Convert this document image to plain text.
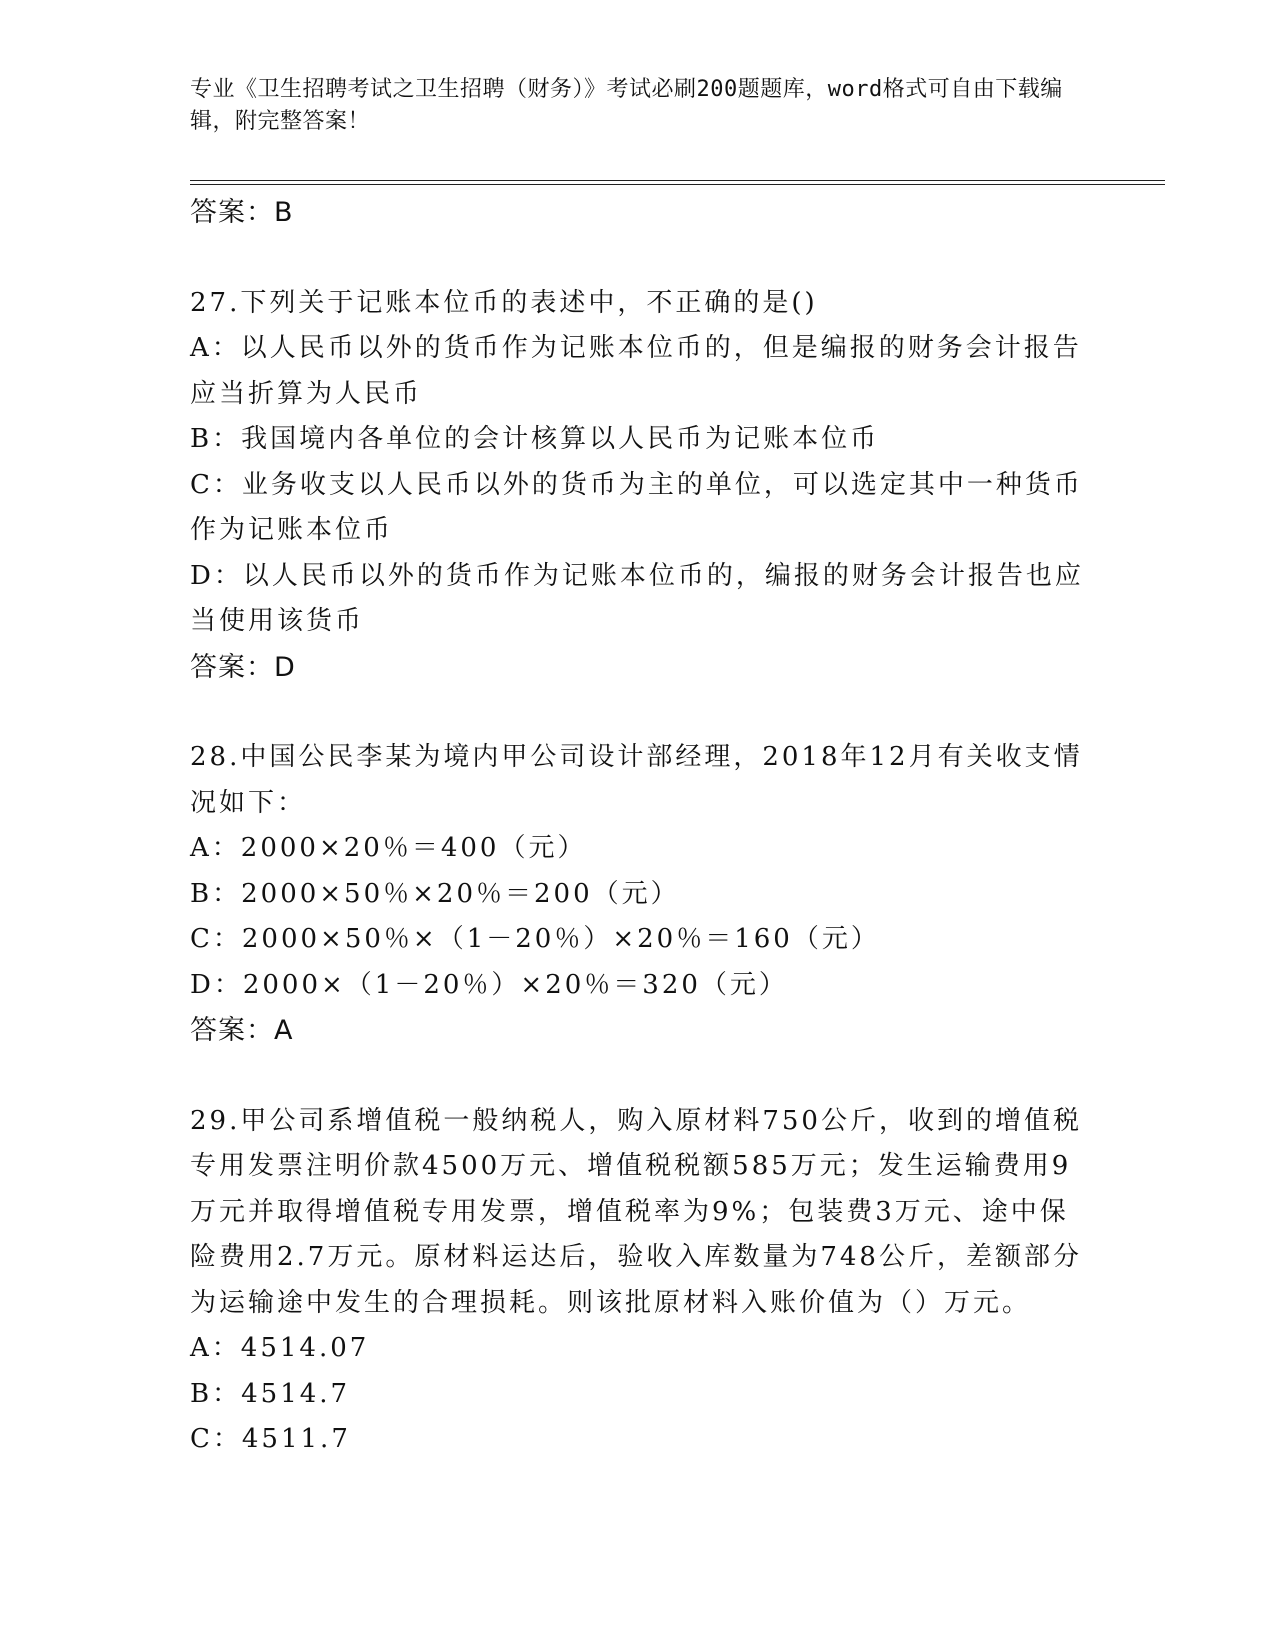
专业《卫生招聘考试之卫生招聘（财务）》考试必刷200题题库，word格式可自由下载编辑，附完整答案！

答案：B

27.下列关于记账本位币的表述中，不正确的是()

A：以人民币以外的货币作为记账本位币的，但是编报的财务会计报告应当折算为人民币

B：我国境内各单位的会计核算以人民币为记账本位币

C：业务收支以人民币以外的货币为主的单位，可以选定其中一种货币作为记账本位币

D：以人民币以外的货币作为记账本位币的，编报的财务会计报告也应当使用该货币

答案：D

28.中国公民李某为境内甲公司设计部经理，2018年12月有关收支情况如下：

A：2000×20％＝400（元）

B：2000×50％×20％＝200（元）

C：2000×50％×（1－20％）×20％＝160（元）

D：2000×（1－20％）×20％＝320（元）

答案：A

29.甲公司系增值税一般纳税人，购入原材料750公斤，收到的增值税专用发票注明价款4500万元、增值税税额585万元；发生运输费用9万元并取得增值税专用发票，增值税率为9%；包装费3万元、途中保险费用2.7万元。原材料运达后，验收入库数量为748公斤，差额部分为运输途中发生的合理损耗。则该批原材料入账价值为（）万元。

A：4514.07

B：4514.7

C：4511.7
